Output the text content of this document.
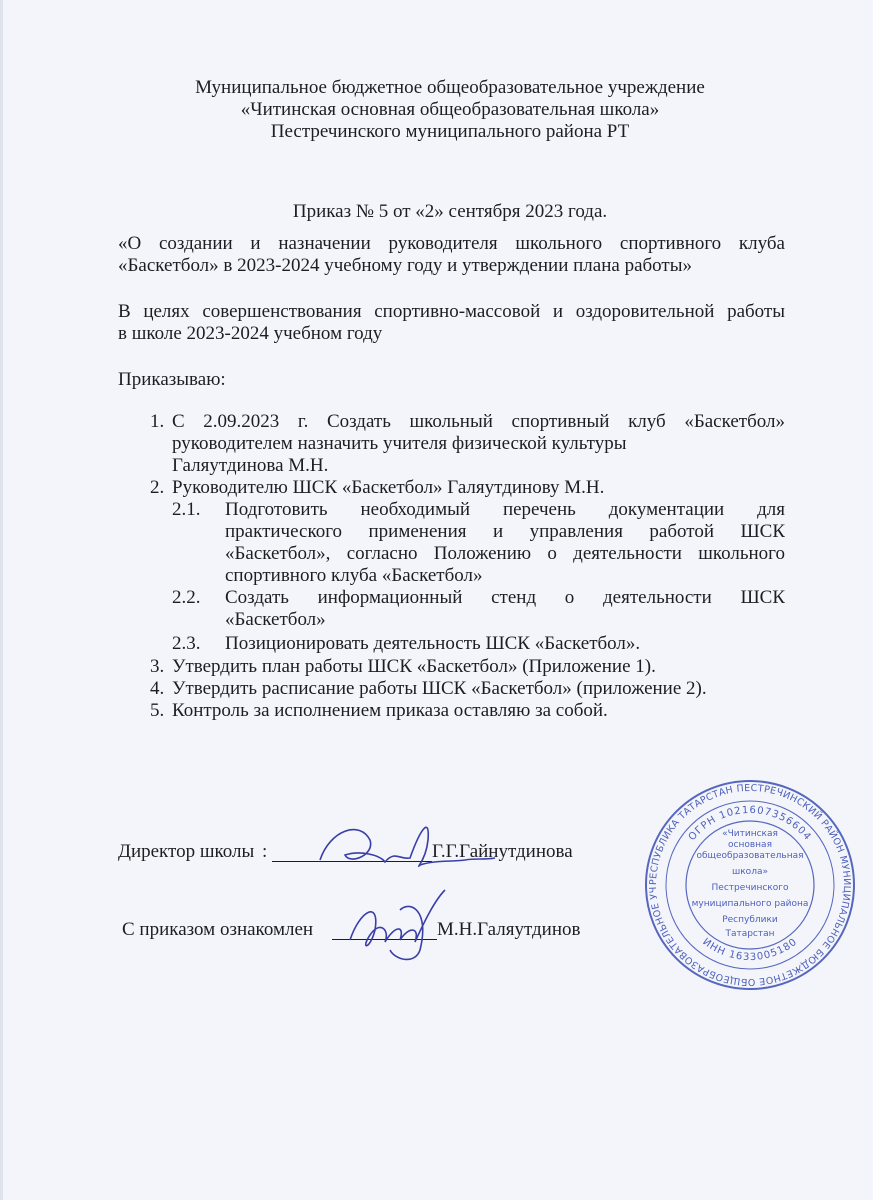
Муниципальное бюджетное общеобразовательное учреждение
«Читинская основная общеобразовательная школа»
Пестречинского муниципального района РТ
Приказ № 5 от «2» сентября 2023 года.
«О создании и назначении руководителя школьного спортивного клуба
«Баскетбол» в 2023-2024 учебному году и утверждении плана работы»
В целях совершенствования спортивно-массовой и оздоровительной работы
в школе 2023-2024 учебном году
Приказываю:
1. С 2.09.2023 г. Создать школьный спортивный клуб «Баскетбол»
руководителем назначить учителя физической культуры
Галяутдинова М.Н.
2. Руководителю ШСК «Баскетбол» Галяутдинову М.Н.
2.1. Подготовить необходимый перечень документации для
практического применения и управления работой ШСК
«Баскетбол», согласно Положению о деятельности школьного
спортивного клуба «Баскетбол»
2.2. Создать информационный стенд о деятельности ШСК
«Баскетбол»
2.3. Позиционировать деятельность ШСК «Баскетбол».
3. Утвердить план работы ШСК «Баскетбол» (Приложение 1).
4. Утвердить расписание работы ШСК «Баскетбол» (приложение 2).
5. Контроль за исполнением приказа оставляю за собой.
Директор школы :	Г.Г.Гайнутдинова
С приказом ознакомлен	М.Н.Галяутдинов
РЕСПУБЛИКА ТАТАРСТАН ПЕСТРЕЧИНСКИЙ РАЙОН МУНИЦИПАЛЬНОЕ БЮДЖЕТНОЕ ОБЩЕОБРАЗОВАТЕЛЬНОЕ УЧРЕЖДЕНИЕ
ОГРН 1021607356604
ИНН 1633005180
«Читинская
основная
общеобразовательная
школа»
Пестречинского
муниципального района
Республики
Татарстан
